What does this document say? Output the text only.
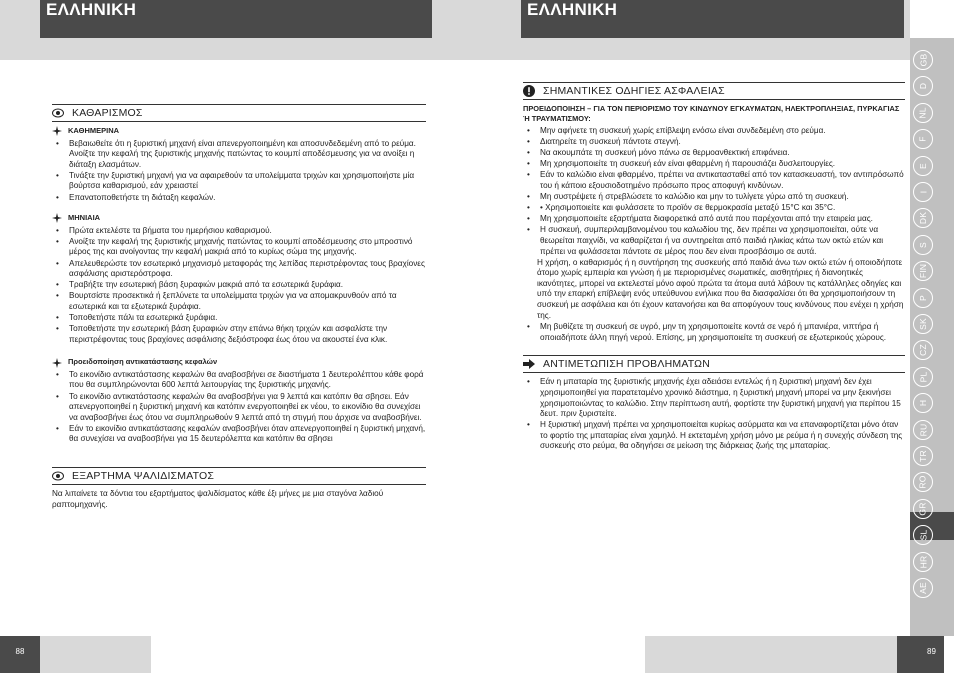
ΕΛΛΗΝΙΚΗ	ΕΛΛΗΝΙΚΗ
ΚΑΘΑΡΙΣΜΟΣ
ΚΑΘΗΜΕΡΙΝΑ
• Βεβαιωθείτε ότι η ξυριστική μηχανή είναι απενεργοποιημένη και αποσυνδεδεμένη από το ρεύμα.
Ανοίξτε την κεφαλή της ξυριστικής μηχανής πατώντας το κουμπί αποδέσμευσης για να ανοίξει η διάταξη ελασμάτων.
• Τινάξτε την ξυριστική μηχανή για να αφαιρεθούν τα υπολείμματα τριχών και χρησιμοποιήστε μία βούρτσα καθαρισμού, εάν χρειαστεί
• Επανατοποθετήστε τη διάταξη κεφαλών.
ΜΗΝΙΑΙΑ
• Πρώτα εκτελέστε τα βήματα του ημερήσιου καθαρισμού.
• Ανοίξτε την κεφαλή της ξυριστικής μηχανής πατώντας το κουμπί αποδέσμευσης στο μπροστινό μέρος της και ανοίγοντας την κεφαλή μακριά από το κυρίως σώμα της μηχανής.
• Απελευθερώστε τον εσωτερικό μηχανισμό μεταφοράς της λεπίδας περιστρέφοντας τους βραχίονες ασφάλισης αριστερόστροφα.
• Τραβήξτε την εσωτερική βάση ξυραφιών μακριά από τα εσωτερικά ξυράφια.
• Βουρτσίστε προσεκτικά ή ξεπλύνετε τα υπολείμματα τριχών για να απομακρυνθούν από τα εσωτερικά και τα εξωτερικά ξυράφια.
• Τοποθετήστε πάλι τα εσωτερικά ξυράφια.
• Τοποθετήστε την εσωτερική βάση ξυραφιών στην επάνω θήκη τριχών και ασφαλίστε την περιστρέφοντας τους βραχίονες ασφάλισης δεξιόστροφα έως ότου να ακουστεί ένα κλικ.
Προειδοποίηση αντικατάστασης κεφαλών
• Το εικονίδιο αντικατάστασης κεφαλών θα αναβοσβήνει σε διαστήματα 1 δευτερολέπτου κάθε φορά που θα συμπληρώνονται 600 λεπτά λειτουργίας της ξυριστικής μηχανής.
• Το εικονίδιο αντικατάστασης κεφαλών θα αναβοσβήνει για 9 λεπτά και κατόπιν θα σβησει. Εάν απενεργοποιηθεί η ξυριστική μηχανή και κατόπιν ενεργοποιηθεί εκ νέου, το εικονίδιο θα συνεχίσει να αναβοσβήνει έως ότου να συμπληρωθούν 9 λεπτά από τη στιγμή που άρχισε να αναβοσβήνει.
• Εάν το εικονίδιο αντικατάστασης κεφαλών αναβοσβήνει όταν απενεργοποιηθεί η ξυριστική μηχανή, θα συνεχίσει να αναβοσβήνει για 15 δευτερόλεπτα και κατόπιν θα σβησει
ΕΞΑΡΤΗΜΑ ΨΑΛΙΔΙΣΜΑΤΟΣ
Να λιπαίνετε τα δόντια του εξαρτήματος ψαλιδίσματος κάθε έξι μήνες με μια σταγόνα λαδιού ραπτομηχανής.
ΣΗΜΑΝΤΙΚΕΣ ΟΔΗΓΙΕΣ ΑΣΦΑΛΕΙΑΣ
ΠΡΟΕΙΔΟΠΟΙΗΣΗ – ΓΙΑ ΤΟΝ ΠΕΡΙΟΡΙΣΜΟ ΤΟΥ ΚΙΝΔΥΝΟΥ ΕΓΚΑΥΜΑΤΩΝ, ΗΛΕΚΤΡΟΠΛΗΞΙΑΣ, ΠΥΡΚΑΓΙΑΣ Ή ΤΡΑΥΜΑΤΙΣΜΟΥ:
• Μην αφήνετε τη συσκευή χωρίς επίβλεψη ενόσω είναι συνδεδεμένη στο ρεύμα.
• Διατηρείτε τη συσκευή πάντοτε στεγνή.
• Να ακουμπάτε τη συσκευή μόνο πάνω σε θερμοανθεκτική επιφάνεια.
• Μη χρησιμοποιείτε τη συσκευή εάν είναι φθαρμένη ή παρουσιάζει δυσλειτουργίες.
• Εάν το καλώδιο είναι φθαρμένο, πρέπει να αντικατασταθεί από τον κατασκευαστή, τον αντιπρόσωπό του ή κάποιο εξουσιοδοτημένο πρόσωπο προς αποφυγή κινδύνων.
• Μη συστρέψετε ή στρεβλώσετε το καλώδιο και μην το τυλίγετε γύρω από τη συσκευή.
• • Χρησιμοποιείτε και φυλάσσετε το προϊόν σε θερμοκρασία μεταξύ 15°C και 35°C.
• Μη χρησιμοποιείτε εξαρτήματα διαφορετικά από αυτά που παρέχονται από την εταιρεία μας.
• Η συσκευή, συμπεριλαμβανομένου του καλωδίου της, δεν πρέπει να χρησιμοποιείται, ούτε να θεωρείται παιχνίδι, να καθαρίζεται ή να συντηρείται από παιδιά ηλικίας κάτω των οκτώ ετών και πρέπει να φυλάσσεται πάντοτε σε μέρος που δεν είναι προσβάσιμο σε αυτά.
Η χρήση, ο καθαρισμός ή η συντήρηση της συσκευής από παιδιά άνω των οκτώ ετών ή οποιοδήποτε άτομο χωρίς εμπειρία και γνώση ή με περιορισμένες σωματικές, αισθητήριες ή διανοητικές ικανότητες, μπορεί να εκτελεστεί μόνο αφού πρώτα τα άτομα αυτά λάβουν τις κατάλληλες οδηγίες και υπό την επαρκή επίβλεψη ενός υπεύθυνου ενήλικα που θα διασφαλίσει ότι θα χρησιμοποιήσουν τη συσκευή με ασφάλεια και ότι έχουν κατανοήσει και θα αποφύγουν τους κινδύνους που ενέχει η χρήση της.
• Μη βυθίζετε τη συσκευή σε υγρό, μην τη χρησιμοποιείτε κοντά σε νερό ή μπανιέρα, νιπτήρα ή οποιαδήποτε άλλη πηγή νερού. Επίσης, μη χρησιμοποιείτε τη συσκευή σε εξωτερικούς χώρους.
ΑΝΤΙΜΕΤΩΠΙΣΗ ΠΡΟΒΛΗΜΑΤΩΝ
• Εάν η μπαταρία της ξυριστικής μηχανής έχει αδειάσει εντελώς ή η ξυριστική μηχανή δεν έχει χρησιμοποιηθεί για παρατεταμένο χρονικό διάστημα, η ξυριστική μηχανή μπορεί να μην ξεκινήσει χρησιμοποιώντας το καλώδιο. Στην περίπτωση αυτή, φορτίστε την ξυριστική μηχανή για περίπου 15 δευτ. πριν ξυριστείτε.
• Η ξυριστική μηχανή πρέπει να χρησιμοποιείται κυρίως ασύρματα και να επαναφορτίζεται μόνο όταν το φορτίο της μπαταρίας είναι χαμηλό. Η εκτεταμένη χρήση μόνο με ρεύμα ή η συνεχής σύνδεση της συσκευής στο ρεύμα, θα οδηγήσει σε μείωση της διάρκειας ζωής της μπαταρίας.
GB
D
NL
F
E
I
DK
S
FIN
P
SK
CZ
PL
H
RU
TR
RO
GR
SL
HR
AE
88	89
